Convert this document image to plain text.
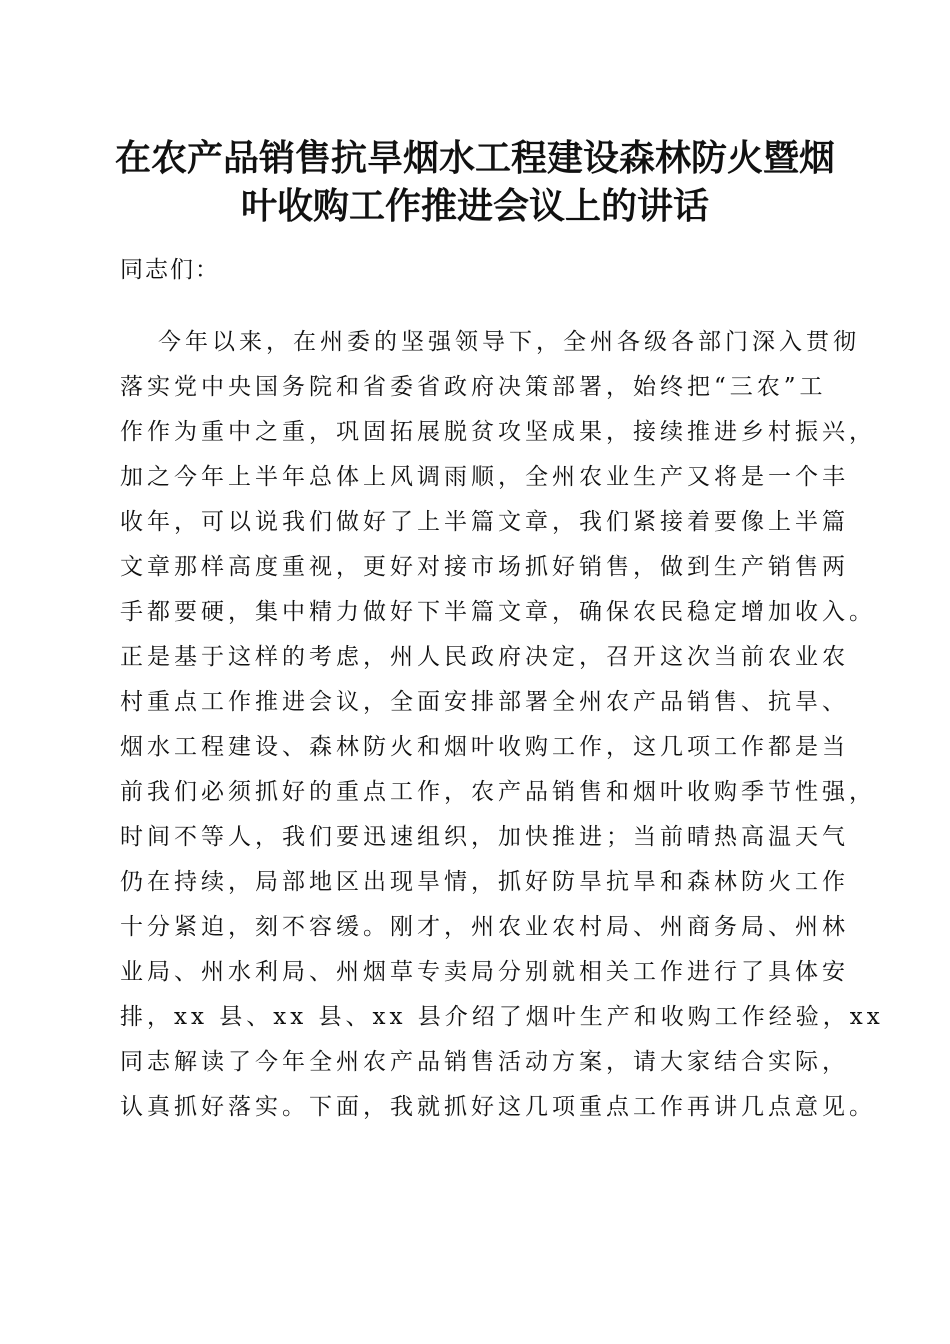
在农产品销售抗旱烟水工程建设森林防火暨烟
叶收购工作推进会议上的讲话
同志们：
今年以来，在州委的坚强领导下，全州各级各部门深入贯彻
落实党中央国务院和省委省政府决策部署，始终把“三农”工
作作为重中之重，巩固拓展脱贫攻坚成果，接续推进乡村振兴，
加之今年上半年总体上风调雨顺，全州农业生产又将是一个丰
收年，可以说我们做好了上半篇文章，我们紧接着要像上半篇
文章那样高度重视，更好对接市场抓好销售，做到生产销售两
手都要硬，集中精力做好下半篇文章，确保农民稳定增加收入。
正是基于这样的考虑，州人民政府决定，召开这次当前农业农
村重点工作推进会议，全面安排部署全州农产品销售、抗旱、
烟水工程建设、森林防火和烟叶收购工作，这几项工作都是当
前我们必须抓好的重点工作，农产品销售和烟叶收购季节性强，
时间不等人，我们要迅速组织，加快推进；当前晴热高温天气
仍在持续，局部地区出现旱情，抓好防旱抗旱和森林防火工作
十分紧迫，刻不容缓。刚才，州农业农村局、州商务局、州林
业局、州水利局、州烟草专卖局分别就相关工作进行了具体安
排，xx 县、xx 县、xx 县介绍了烟叶生产和收购工作经验，xx
同志解读了今年全州农产品销售活动方案，请大家结合实际，
认真抓好落实。下面，我就抓好这几项重点工作再讲几点意见。
